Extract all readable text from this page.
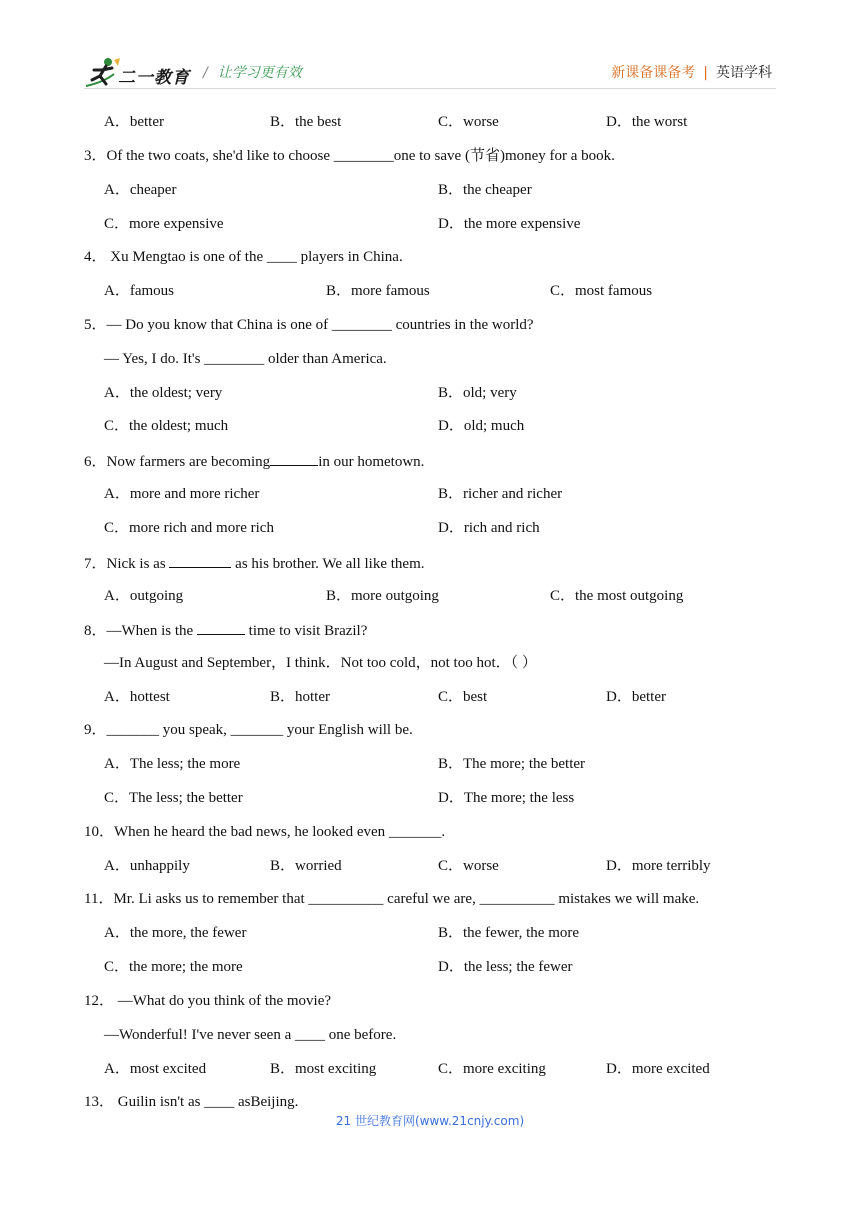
二一教育 / 让学习更有效	新课备课备考 | 英语学科
A．better	B．the best	C．worse	D．the worst
3．Of the two coats, she'd like to choose ________one to save (节省)money for a book.
A．cheaper	B．the cheaper
C．more expensive	D．the more expensive
4． Xu Mengtao is one of the ____ players in China.
A．famous	B．more famous	C．most famous
5．— Do you know that China is one of ________ countries in the world?
— Yes, I do. It's ________ older than America.
A．the oldest; very	B．old; very
C．the oldest; much	D．old; much
6．Now farmers are becoming	in our hometown.
A．more and more richer	B．richer and richer
C．more rich and more rich	D．rich and rich
7．Nick is as	as his brother. We all like them.
A．outgoing	B．more outgoing	C．the most outgoing
8．—When is the	time to visit Brazil?
—In August and September，I think．Not too cold，not too hot．（ ）
A．hottest	B．hotter	C．best	D．better
9．_______ you speak, _______ your English will be.
A．The less; the more	B．The more; the better
C．The less; the better	D．The more; the less
10．When he heard the bad news, he looked even _______.
A．unhappily	B．worried	C．worse	D．more terribly
11．Mr. Li asks us to remember that __________ careful we are, __________ mistakes we will make.
A．the more, the fewer	B．the fewer, the more
C．the more; the more	D．the less; the fewer
12． —What do you think of the movie?
—Wonderful! I've never seen a ____ one before.
A．most excited	B．most exciting	C．more exciting	D．more excited
13． Guilin isn't as ____ asBeijing.
21 世纪教育网(www.21cnjy.com)
